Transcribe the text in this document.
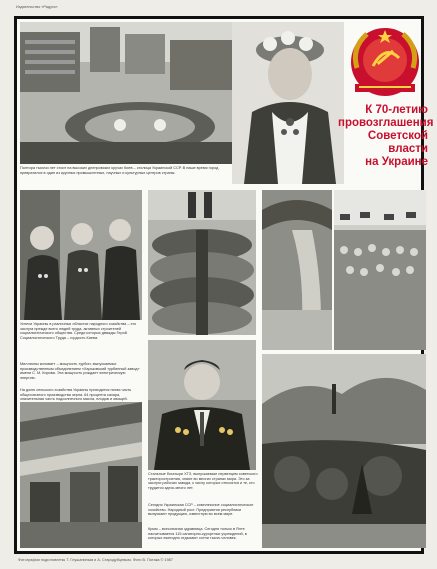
Издательство «Радуга»
К 70-летию
провозглашения
Советской
власти
на Украине
Полтора тысячи лет стоит на высоких днепровских кручах Киев – столица Украинской ССР. В наше время город превратился в один из крупных промышленных, научных и культурных центров страны.
Успехи Украины в различных областях народного хозяйства – это заслуга прежде всего людей труда, активных строителей социалистического общества. Среди которых дважды Герой Социалистического Труда – гордость Киева.
Миллионы киловатт – мощность турбин, выпускаемых производственным объединением «Харьковский турбинный завод» имени С. М. Кирова. Эта мощность рождает электрическую энергию.
На долю сельского хозяйства Украины приходится пятая часть общесоюзного производства зерна. 64 процента сахара, значительная часть подсолнечного масла, плодов и овощей.
Стальные богатыри ХТЗ, выпускаемые первенцем советского тракторостроения, знают во многих странах мира. Это за заслуги рабочих завода, к числу которых относятся и те, кто трудится здесь много лет.
Сегодня Украинская ССР – комплексное социалистическое хозяйство. Народный рост. Предприятия республики выпускают продукцию, известную во всем мире.
Крым – всесоюзная здравница. Сегодня только в Ялте насчитывается 115 санаторно-курортных учреждений, в которых ежегодно отдыхают сотни тысяч человек.
Фотографии подготовлены Т. Глушаниным и А. Стародубцевым. Фото В. Потака © 1987
